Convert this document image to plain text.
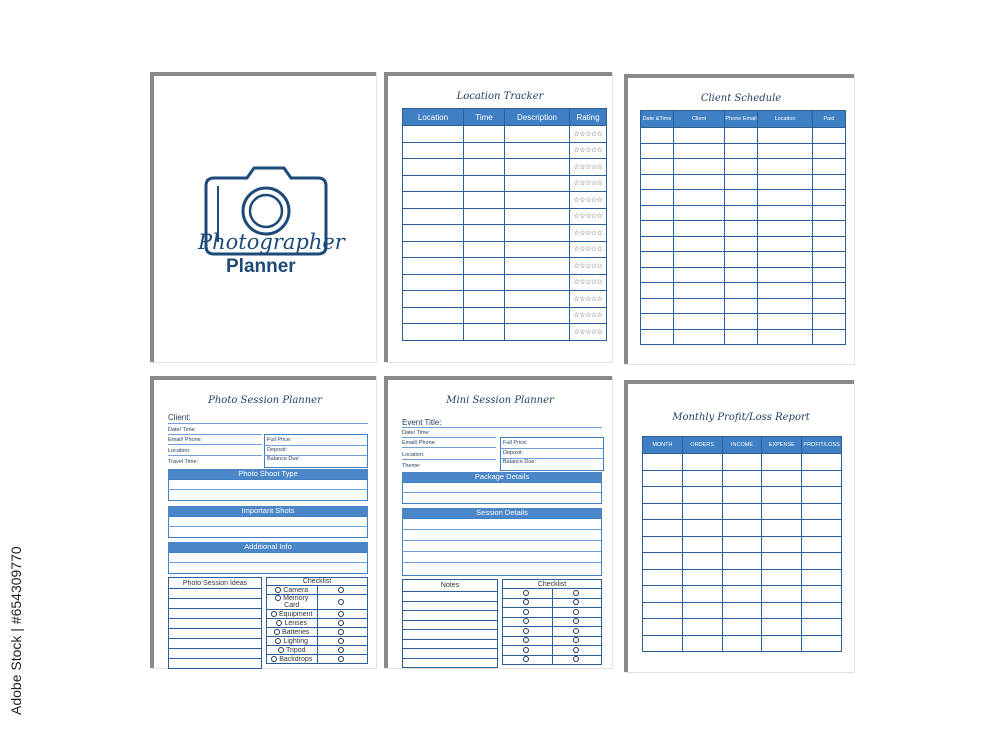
Photographer
Planner
Location Tracker
Location	Time	Description	Rating
			☆☆☆☆☆
			☆☆☆☆☆
			☆☆☆☆☆
			☆☆☆☆☆
			☆☆☆☆☆
			☆☆☆☆☆
			☆☆☆☆☆
			☆☆☆☆☆
			☆☆☆☆☆
			☆☆☆☆☆
			☆☆☆☆☆
			☆☆☆☆☆
			☆☆☆☆☆
Client Schedule
Date &Time	Client	Phone Email	Location	Paid

Photo Session Planner
Client:
Date/ Time:
Email/ Phone:
Location:
Travel Time:
Full Price:
Deposit:
Balance Due:
Photo Shoot Type
Important Shots
Additional Info
Photo Session Ideas	Checklist	
Camera	
Memory Card	
Equipment	
Lenses	
Batteries	
Lighting	
Tripod	
Backdrops	
Mini Session Planner
Event Title:
Date/ Time:
Email/ Phone:
Location:
Theme:
Full Price:
Deposit:
Balance Due:
Package Details
Session Details
Notes	Checklist	

Monthly Profit/Loss Report
MONTH	ORDERS	INCOME	EXPENSE	PROFIT/LOSS

Adobe Stock | #654309770
